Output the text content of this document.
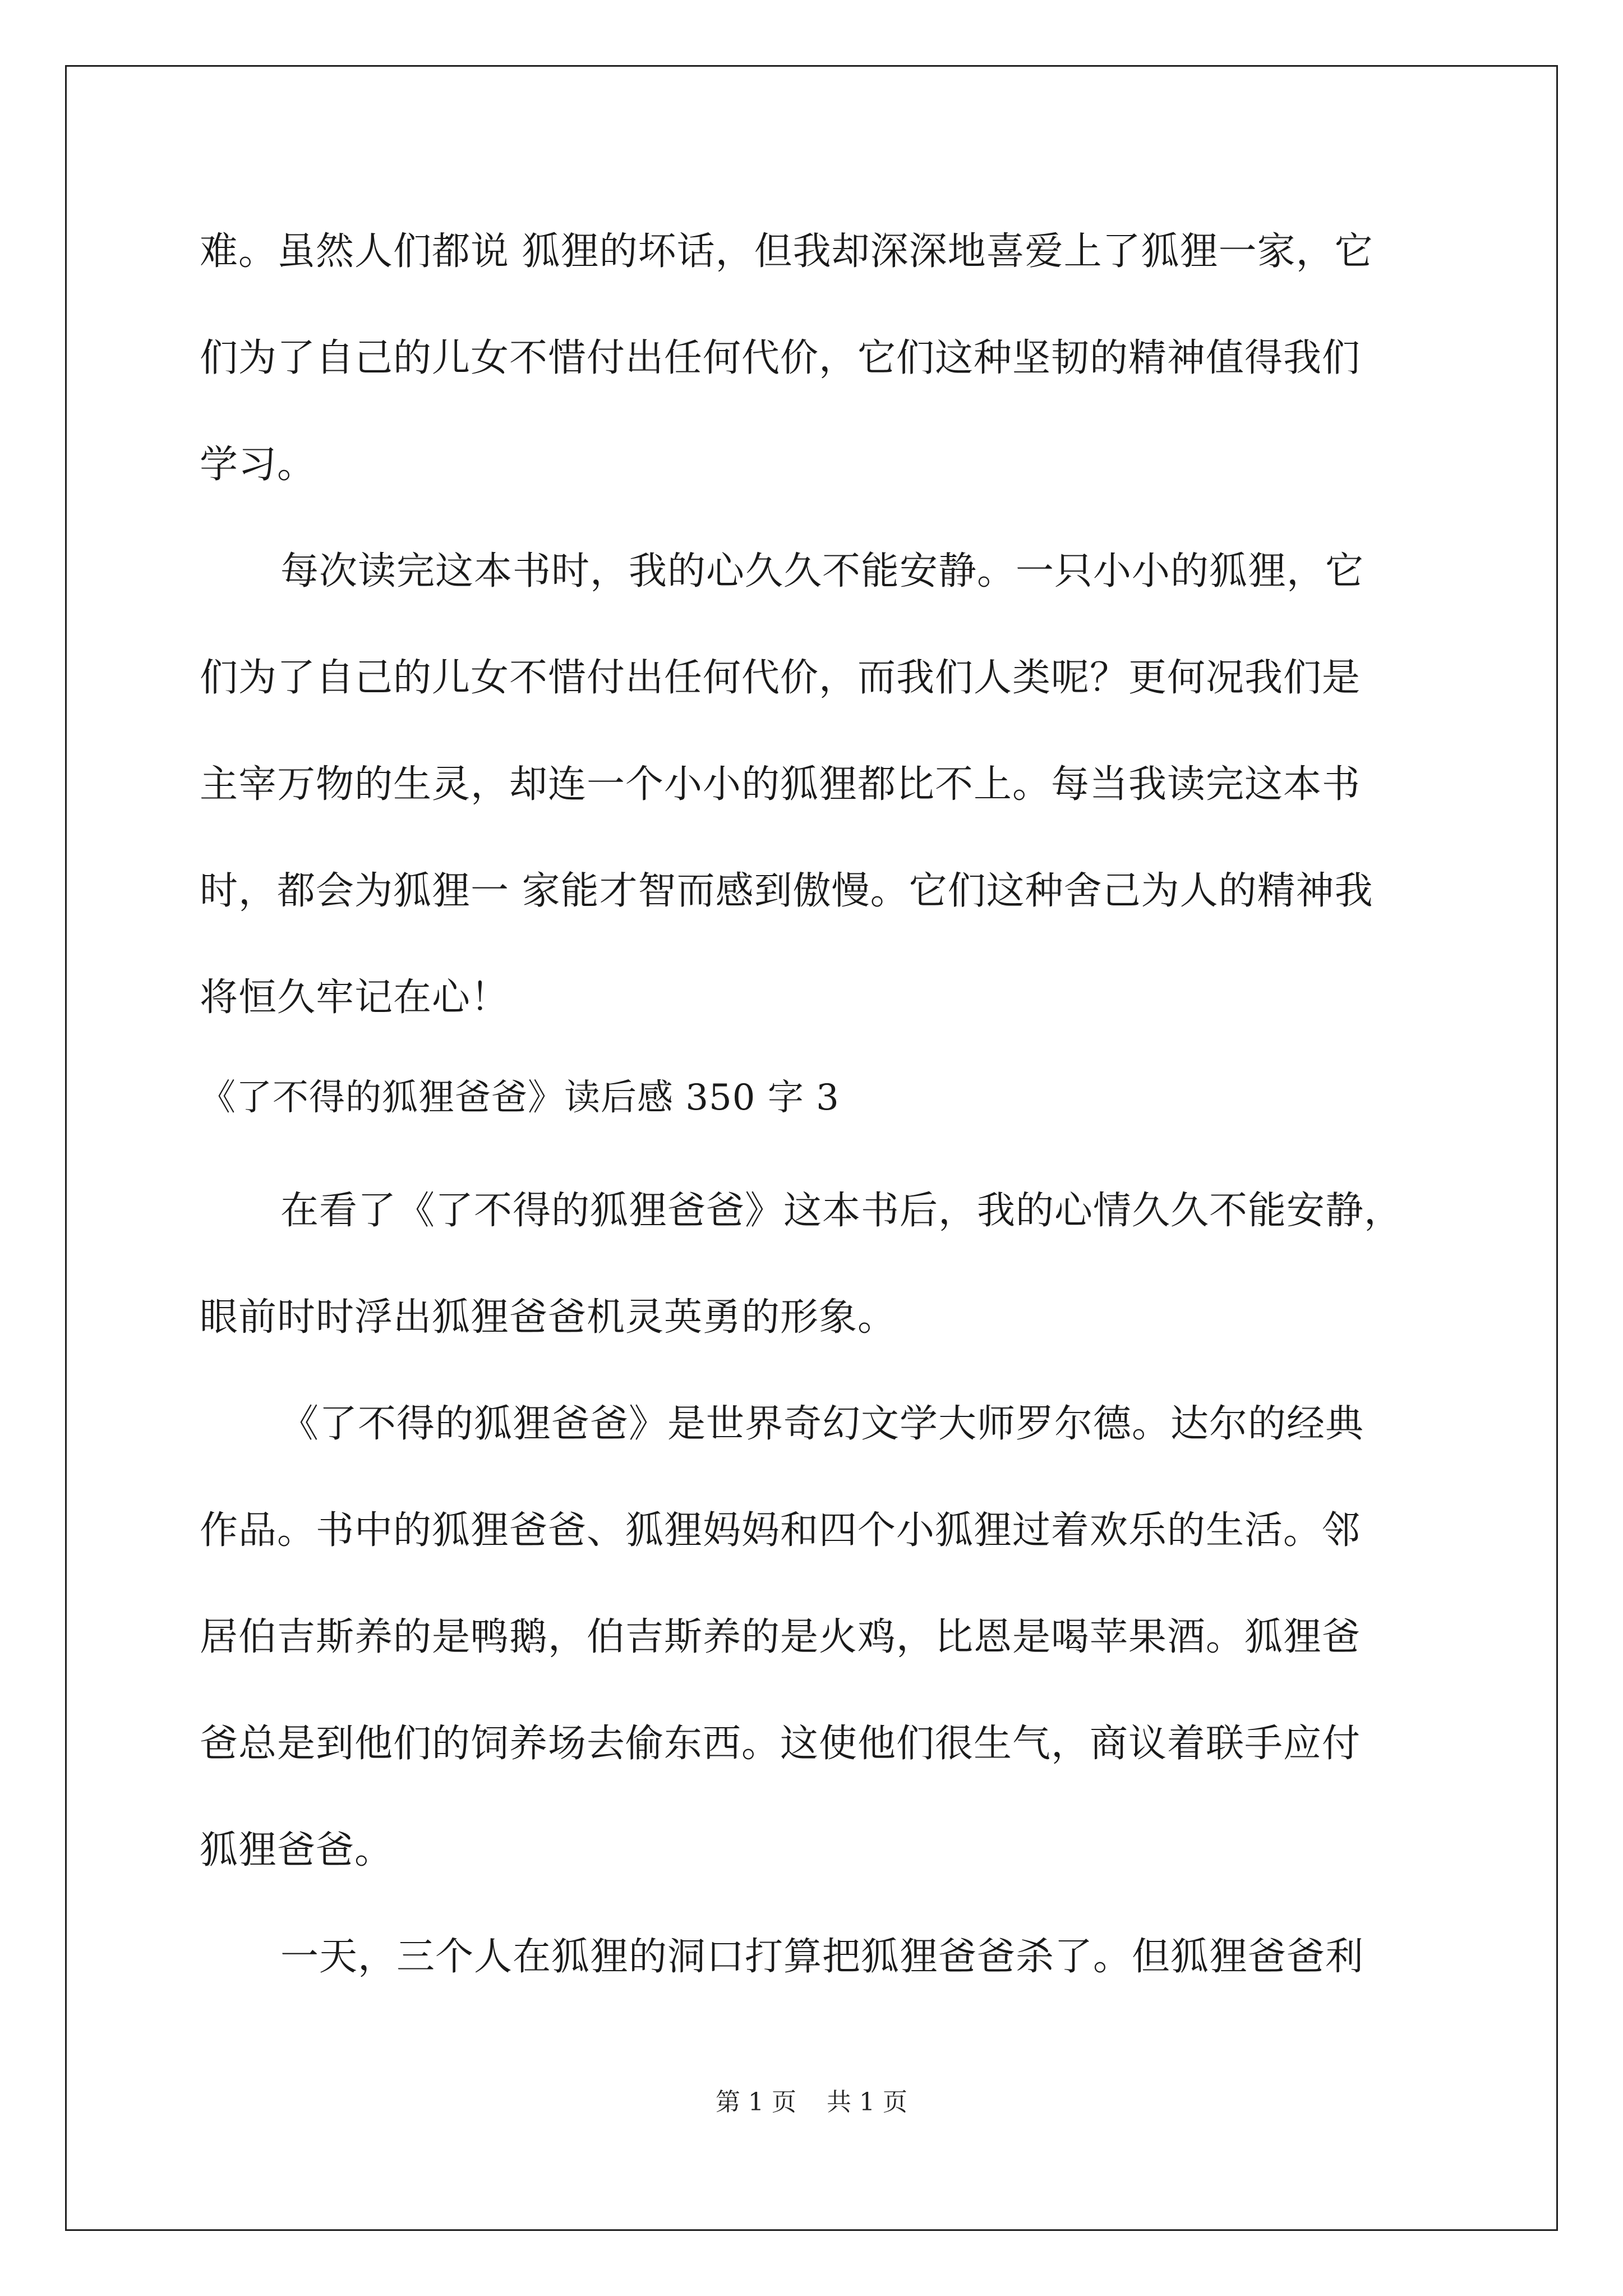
难。虽然人们都说 狐狸的坏话，但我却深深地喜爱上了狐狸一家，它
们为了自己的儿女不惜付出任何代价，它们这种坚韧的精神值得我们
学习。
每次读完这本书时，我的心久久不能安静。一只小小的狐狸，它
们为了自己的儿女不惜付出任何代价，而我们人类呢？更何况我们是
主宰万物的生灵，却连一个小小的狐狸都比不上。每当我读完这本书
时，都会为狐狸一 家能才智而感到傲慢。它们这种舍己为人的精神我
将恒久牢记在心！
《了不得的狐狸爸爸》读后感 350 字 3
在看了《了不得的狐狸爸爸》这本书后，我的心情久久不能安静，
眼前时时浮出狐狸爸爸机灵英勇的形象。
《了不得的狐狸爸爸》是世界奇幻文学大师罗尔德。达尔的经典
作品。书中的狐狸爸爸、狐狸妈妈和四个小狐狸过着欢乐的生活。邻
居伯吉斯养的是鸭鹅，伯吉斯养的是火鸡，比恩是喝苹果酒。狐狸爸
爸总是到他们的饲养场去偷东西。这使他们很生气，商议着联手应付
狐狸爸爸。
一天，三个人在狐狸的洞口打算把狐狸爸爸杀了。但狐狸爸爸利
第 1 页 共 1 页
